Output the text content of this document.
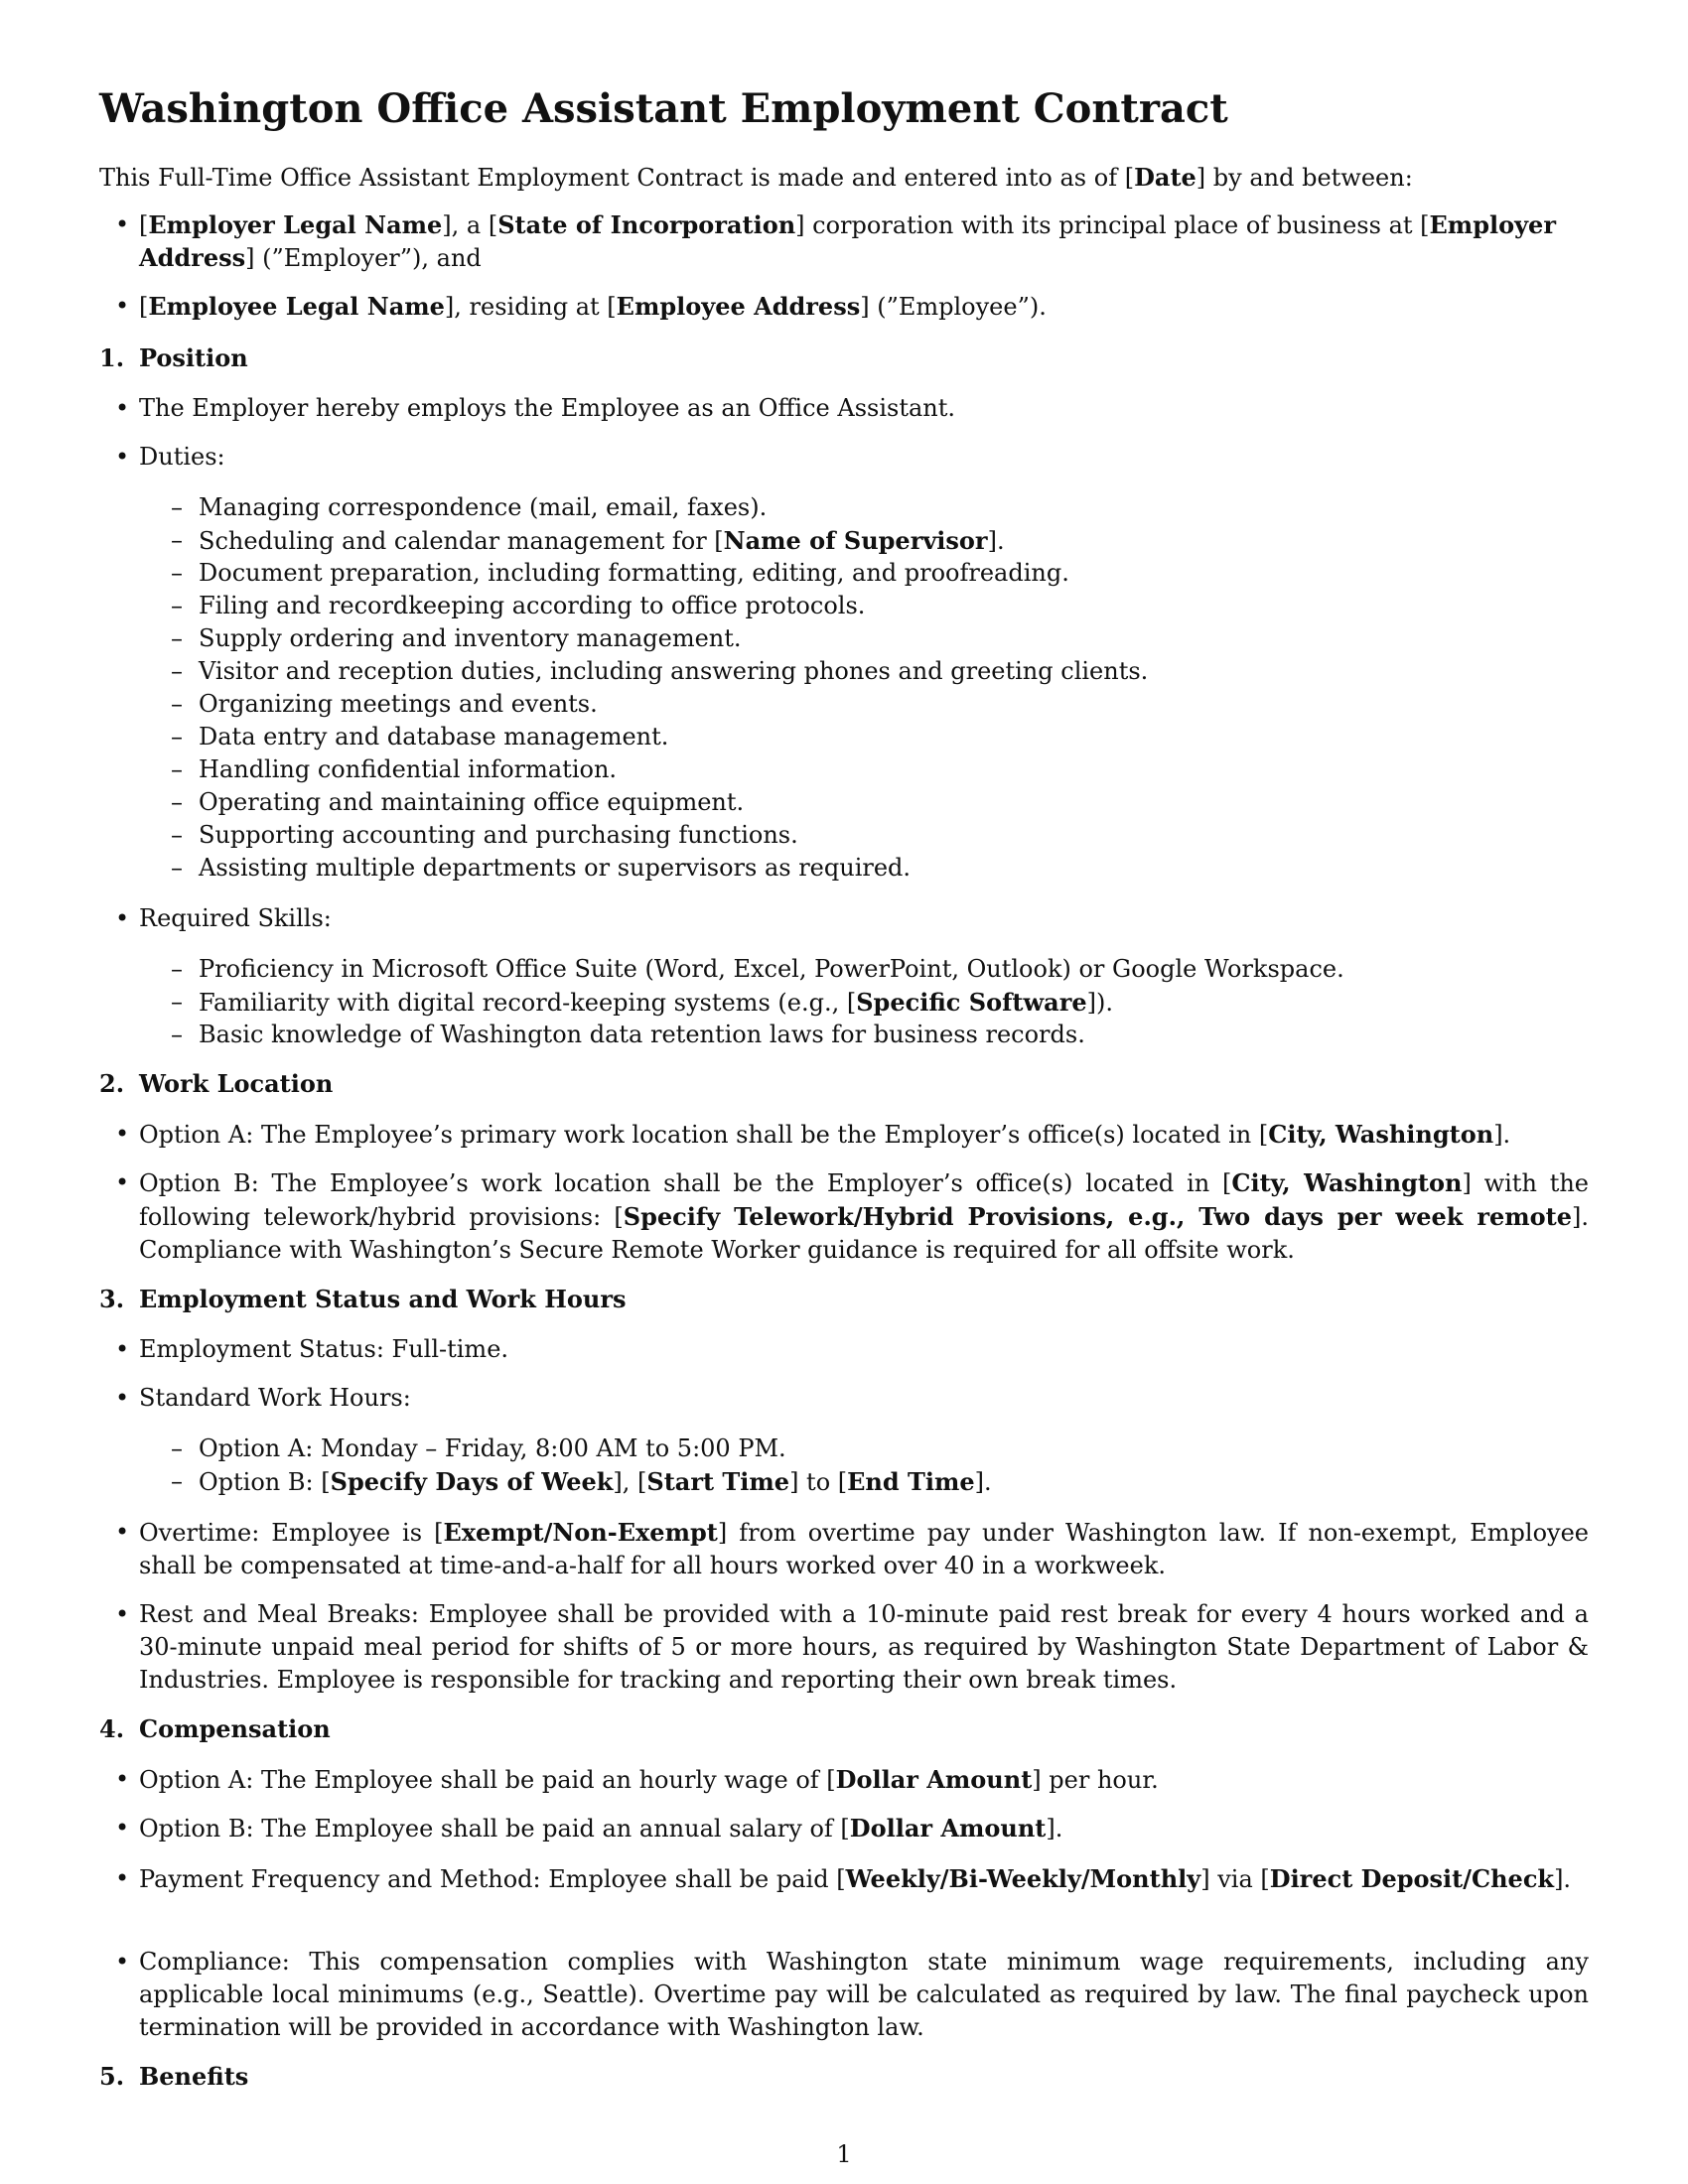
Washington Office Assistant Employment Contract
This Full-Time Office Assistant Employment Contract is made and entered into as of [Date] by and between:
• [Employer Legal Name], a [State of Incorporation] corporation with its principal place of business at [Employer
Address] (”Employer”), and
• [Employee Legal Name], residing at [Employee Address] (”Employee”).
1. Position
• The Employer hereby employs the Employee as an Office Assistant.
• Duties:
– Managing correspondence (mail, email, faxes).
– Scheduling and calendar management for [Name of Supervisor].
– Document preparation, including formatting, editing, and proofreading.
– Filing and recordkeeping according to office protocols.
– Supply ordering and inventory management.
– Visitor and reception duties, including answering phones and greeting clients.
– Organizing meetings and events.
– Data entry and database management.
– Handling confidential information.
– Operating and maintaining office equipment.
– Supporting accounting and purchasing functions.
– Assisting multiple departments or supervisors as required.
• Required Skills:
– Proficiency in Microsoft Office Suite (Word, Excel, PowerPoint, Outlook) or Google Workspace.
– Familiarity with digital record-keeping systems (e.g., [Specific Software]).
– Basic knowledge of Washington data retention laws for business records.
2. Work Location
• Option A: The Employee’s primary work location shall be the Employer’s office(s) located in [City, Washington].
• Option B: The Employee’s work location shall be the Employer’s office(s) located in [City, Washington] with the following telework/hybrid provisions: [Specify Telework/Hybrid Provisions, e.g., Two days per week remote]. Compliance with Washington’s Secure Remote Worker guidance is required for all offsite work.
3. Employment Status and Work Hours
• Employment Status: Full-time.
• Standard Work Hours:
– Option A: Monday – Friday, 8:00 AM to 5:00 PM.
– Option B: [Specify Days of Week], [Start Time] to [End Time].
• Overtime: Employee is [Exempt/Non-Exempt] from overtime pay under Washington law. If non-exempt, Employee shall be compensated at time-and-a-half for all hours worked over 40 in a workweek.
• Rest and Meal Breaks: Employee shall be provided with a 10-minute paid rest break for every 4 hours worked and a 30-minute unpaid meal period for shifts of 5 or more hours, as required by Washington State Department of Labor & Industries. Employee is responsible for tracking and reporting their own break times.
4. Compensation
• Option A: The Employee shall be paid an hourly wage of [Dollar Amount] per hour.
• Option B: The Employee shall be paid an annual salary of [Dollar Amount].
• Payment Frequency and Method: Employee shall be paid [Weekly/Bi-Weekly/Monthly] via [Direct Deposit/Check].
• Compliance: This compensation complies with Washington state minimum wage requirements, including any applicable local minimums (e.g., Seattle). Overtime pay will be calculated as required by law. The final paycheck upon termination will be provided in accordance with Washington law.
5. Benefits
1
